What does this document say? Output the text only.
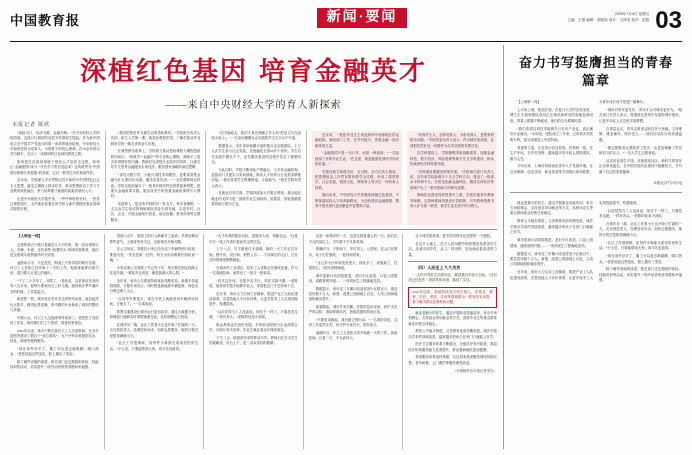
中国教育报	新闻·要闻	2025年7月4日 星期五
主编：王强 编辑：胡茜茹 设计：王保英 校对：赵阳 03
深植红色基因 培育金融英才
——来自中央财经大学的育人新探索
本报记者 陈欣

“财政为门，经济为路，金融为桥。”在中央财经大学的校园里，这段口口相传的话语不时被师生提起。作为新中国成立后中国共产党创办的第一所高等财经院校，中央财经大学始终坚持为党育人、为国育才的初心使命，在70余年的办学历程中，走出了一条鲜明的红色财经教育之路。

如何把红色基因深植于财经人才培养全过程，如何让“金融报国”成为一代代学子的自觉追求？这所被誉为“中国财经管理专家摇篮”的高校，正以一系列扎实的探索作答。

近年来，学校深入学习贯彻习近平新时代中国特色社会主义思想，落实立德树人根本任务，推动思想政治工作与专业教育深度融合，努力培养德才兼备的高素质财经人才。

走进中央财经大学校史馆，一件件珍贵的史料、一张张泛黄的照片，无声地诉说着这所学校与新中国财经事业同频共振的历程。

“我们把校史作为最生动的思政教材。”学校相关负责人介绍，新生入学第一课，就是参观校史馆，了解学校从华北税务学校一路走来的奋斗历程。

在课堂教学改革上，学校着力推动思政课程与课程思政同向同行。“财政学”“金融学”等专业核心课程，被赋予了更多家国情怀的内涵。教师们在讲授专业知识的同时，注重引导学生思考金融服务实体经济、服务国家战略的深层逻辑。

“讲货币银行学，不能只讲技术和模型，更要讲清楚金融为什么要回归本源、服务实体经济。”一名任课教师这样说。学校还组织编写了一批具有财经特色的思政案例集，把重大金融改革实践、脱贫攻坚中的普惠金融故事等写入教材。

实践育人，是这所学校的另一张名片。每年寒暑假，一支支由学生组成的调研团队奔赴全国各地，走进乡村、社区、企业，开展金融知识普及、助农直播、财务咨询等志愿服务。

“在田间地头，我们才真正理解了什么叫‘把论文写在祖国大地上’。”一名参加暑期社会实践的学生在日记中写道。

数据显示，近年来该校累计组织数百支实践团队、上万人次学生参与社会实践，足迹遍及全国20多个省份。学生们在实践中增长才干，也在服务基层的过程中坚定了理想信念。

与此同时，学校不断深化产教融合，与多家金融机构、监管部门共建实习实训基地，推动人才培养与行业需求精准对接。“我们希望学生既懂理论，又接地气。”相关学院负责人表示。

在就业引导方面，学校持续加大对重点领域、重点地区就业的支持力度，鼓励毕业生到西部、到基层、到祖国最需要的地方建功立业。

近年来，一批批毕业生主动选择到中西部地区的金融机构、财政部门工作，在乡村振兴、普惠金融一线贡献青春力量。

“金融报国不是一句口号，而是一种选择。”一名赴西部工作的毕业生说，“在这里，我更能感受到所学知识的价值。”

学校还着力构建全员、全过程、全方位育人格局，把思想政治工作贯穿教育教学全过程，形成了课堂教学、社会实践、校园文化、网络育人等多位一体的育人体系。

面向未来，中央财经大学将继续深植红色基因，不断探索财经人才培养新路径，为加快建设金融强国、服务中国式现代化贡献更多智慧和力量。

“培养什么人、怎样培养人、为谁培养人，是教育的根本问题。”学校党委负责人表示，作为财经类高校，必须把回答好这一问题作为办学治校的首要任务。

在学科建设上，学校聚焦国家战略需求，加强金融科技、数字经济、风险管理等新兴交叉学科建设，推动传统财经学科转型升级。

“学科建设要服务国家所需。”学校相关部门负责人说，近年来学校新增多个交叉学科方向，建设了一批高水平科研平台，在防范化解金融风险、服务实体经济等领域产出了一批有影响力的研究成果。

教师队伍建设同样是重中之重。学校实施青年教师导师制，完善师德师风建设长效机制，引导教师把教书育人作为第一职责，做学生成长成才的引路人。

【人物连一线】

这里的第五个路口是最近几个小时里，第一次出现的行人。车辆、车流，还有那些“低着的头”的城市管理者，他们是这座城市清晨最早的守望者。

凌晨四点半，天还没亮，街道上只有零星的路灯亮着。环卫工人老张已经开始了一天的工作，他熟练地挥动着扫帚，清扫着人行道上的落叶。

“干了二十多年了，习惯了。”老张说，这条街从东到西有八百多米，他每天要来回走上好几趟。遇到秋冬季节落叶多的时候，工作量更大。

和老张一样，城市里还有许多这样的劳动者。他们起得比太阳早，睡得比星星晚，用辛勤的汗水换来了城市的整洁与美丽。

早晨六点，环卫工人交接班的时间到了。老张把工具放回工作站，和同事们打了个招呼，准备回家休息。

2025年以来，该市不断完善环卫工人关爱机制，在全市范围内建设了数百个“爱心驿站”，为户外劳动者提供饮水、休息、取暖等便利服务。

“现在条件好多了，累了可以进去歇歇脚，喝口热水。”老张说起这些变化，脸上露出了笑容。

除了硬件设施的改善，相关部门还定期组织体检、技能培训等活动，切实提升一线劳动者的获得感和幸福感。

清晨六点半，街道上的行人渐渐多了起来。早餐店飘出阵阵香气，上班族匆匆走过，这座城市开始苏醒。

在公交场站，驾驶员小李已经完成了车辆的例行检查，准备出发。“安全是第一位的，每天出车前都要仔细检查一遍。”

小李从事公交驾驶工作已有十年，每天要在固定线路上往返多趟。“乘客安全到站，就是我最大的心愿。”

近年来，该市公交系统持续优化线路布局，新增多条接驳线路，方便市民出行。同时推进新能源车辆更新，绿色出行理念深入人心。

“以前等车要很久，现在手机上就能查到车辆到站时间，方便多了。”一名乘客说。

智慧交通建设让城市运行更加高效。通过大数据分析，管理部门能够实时掌握客流变化，及时调整运力投放。

在城市另一端，社区工作者小王也开始了忙碌的一天。走访独居老人、处理居民诉求、组织志愿服务，她的日程总是排得满满当当。

“社区工作很琐碎，但每件小事都关系到居民的生活。”小王说，只要能帮到大家，再辛苦也值得。

“人才培养的根本目标，是服务人民、奉献社会。”这是许多一线工作者朴素而坚定的信念。

上午八点，写字楼里灯火通明，新的一天工作正式开始。程序员、设计师、销售人员……不同岗位的人们，在各自的领域里默默耕耘。

在城市的工业园区，技术工人老陈正在调试设备。作为一名高级技师，他带出了一批又一批徒弟。

“技术这东西，光靠书本不行，得在实践中磨。”老陈说，他常常手把手地教年轻人，希望把这门手艺传承下去。

近年来，该市大力弘扬工匠精神，推进产业工人队伍建设改革，完善技能人才评价体系，让更多技术工人实现技能提升、待遇提高。

“以前觉得当工人没前途，现在不一样了，只要技术过硬，一样有奔头。”老陈的徒弟小刘说。

职业教育也在加快发展。多所职业院校与企业深度合作，开展订单式培养，毕业生就业率连年保持高位。

下午三点，校园里传来阵阵读书声。教师们正在为学生答疑解惑，讲台上下，是一双双求知的眼睛。

这是一座城市的一天，也是无数普通人的一天。他们在平凡的岗位上，书写着不平凡的故事。

傍晚时分，夕阳西下，华灯初上。公园里，老人们在散步，孩子们在嬉戏，一派祥和景象。

“这几年小区环境变化很大，绿化多了，设施新了，住着舒心。”居民刘阿姨说。

城市更新行动持续推进，老旧小区改造、口袋公园建设、道路管网升级……一项项民生工程落地见效。

数据显示，该市近三年累计改造老旧小区数百个，惠及居民数十万人；新建、改建公园绿地上百处，人均公园绿地面积稳步提升。

夜幕降临，城市并未沉睡。医院的急诊室里，医护人员严阵以待；消防救援站内，指战员随时准备出发。

“只要电话响起，我们就立刻出动。”一名消防员说，这份工作虽然辛苦，但守护万家灯火，很有意义。

凌晨时分，环卫工人老张又将开始新一天的工作。周而复始，日复一日，平凡而伟大。

这个城市的故事，是中国式现代化进程的一个缩影。

在这片土地上，亿万人民用勤劳和智慧创造着美好生活。从城市到乡村，从工厂到田野，处处涌动着奋进的力量。

（四）人民至上 久久为功

“人民对美好生活的向往，就是我们的奋斗目标。”这句话已经化作一项项具体举措，落到了实处。

2025年以来，各地持续加大民生投入，在就业、教育、医疗、养老、住房等领域推出一系列务实举措，着力解决群众急难愁盼问题。

就业是最大的民生。通过开展职业技能培训、举办专场招聘会、支持创业带动就业等方式，高校毕业生等重点群体就业形势总体稳定。

教育公平稳步推进，义务教育优质均衡发展，城乡学校办学条件持续改善，越来越多的孩子在家门口就能上好学。

医疗卫生服务体系不断健全，分级诊疗有序推进，基层医疗机构服务能力显著提升，群众看病就医更加便捷。

养老服务体系加快构建，社区居家养老服务网络持续完善，老年助餐、上门照护等服务深受欢迎。

（本版稿件由本报记者采写）
奋力书写挺膺担当的青春篇章

【上海第一线】

七月的上海，热浪扑面。在复旦大学的实验室里，博士生小周和团队成员正在调试新研发的智能检测设备。屏幕上数据不断跳动，他们的目光紧紧盯着。

“我们希望这项技术能够早日走向产业化，真正解决行业痛点。”小周说，团队成立三年来，已申请多项发明专利，部分成果进入中试阶段。

青春的力量，正在各行各业显现。在科研一线，在生产车间，在乡村田野，越来越多的年轻人勇挑重担、敢为人先。

今年以来，上海市持续优化青年人才发展环境，在住房保障、创业扶持、职业发展等方面推出系列政策，为青年成长成才搭建广阔舞台。

“城市对青年更友好，青年才会对城市更有为。”相关部门负责人表示，将继续完善青年发展型城市建设，让更多年轻人在这里实现梦想。

在基层社区，青年志愿者活跃在各个角落。义务维修、课业辅导、陪伴老人……他们用实际行动传递温暖。

“做志愿服务让我收获了很多，也更加理解了责任和担当的含义。”一名大学生志愿者说。

从实验室到生产线，从校园到社区，新时代的青年正以昂扬姿态，在中国式现代化建设中挺膺担当，书写属于自己的青春篇章。

本报北京7月3日电

就业是最大的民生。通过开展职业技能培训、举办专场招聘会、支持创业带动就业等方式，高校毕业生等重点群体就业形势总体稳定。

教育公平稳步推进，义务教育优质均衡发展，城乡学校办学条件持续改善，越来越多的孩子在家门口就能上好学。

城市更新行动持续推进，老旧小区改造、口袋公园建设、道路管网升级……一项项民生工程落地见效。

数据显示，该市近三年累计改造老旧小区数百个，惠及居民数十万人；新建、改建公园绿地上百处，人均公园绿地面积稳步提升。

近年来，该市大力弘扬工匠精神，推进产业工人队伍建设改革，完善技能人才评价体系，让更多技术工人实现技能提升、待遇提高。

“以前觉得当工人没前途，现在不一样了，只要技术过硬，一样有奔头。”老陈的徒弟小刘说。

在城市另一端，社区工作者小王也开始了忙碌的一天。走访独居老人、处理居民诉求、组织志愿服务，她的日程总是排得满满当当。

“社区工作很琐碎，但每件小事都关系到居民的生活。”小王说，只要能帮到大家，再辛苦也值得。

“现在条件好多了，累了可以进去歇歇脚，喝口热水。”老张说起这些变化，脸上露出了笑容。

除了硬件设施的改善，相关部门还定期组织体检、技能培训等活动，切实提升一线劳动者的获得感和幸福感。
